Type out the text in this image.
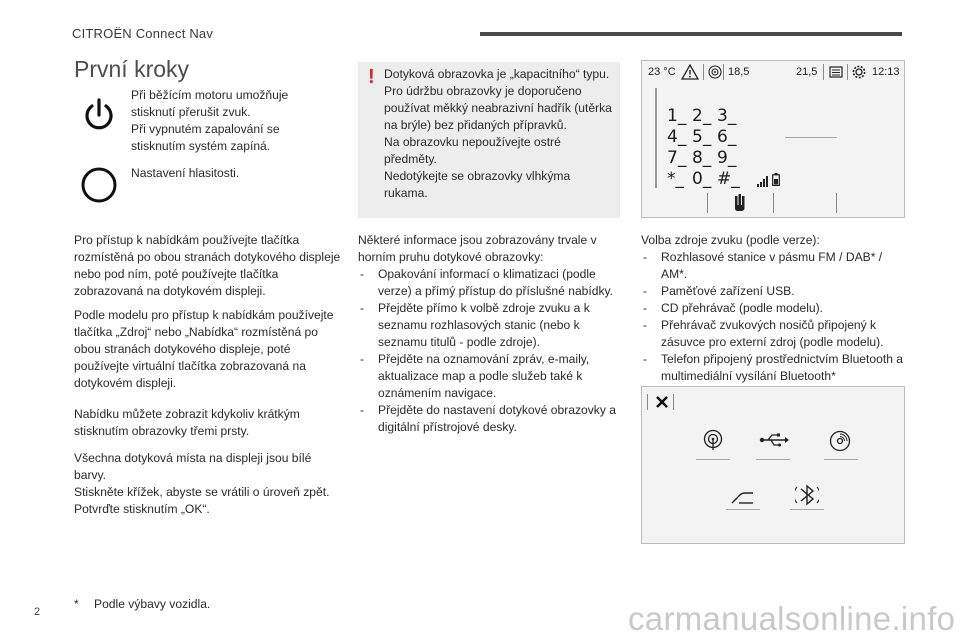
CITROËN Connect Nav
První kroky
Při běžícím motoru umožňuje stisknutí přerušit zvuk.
Při vypnutém zapalování se stisknutím systém zapíná.
Nastavení hlasitosti.
Pro přístup k nabídkám používejte tlačítka rozmístěná po obou stranách dotykového displeje nebo pod ním, poté používejte tlačítka zobrazovaná na dotykovém displeji.
Podle modelu pro přístup k nabídkám používejte tlačítka „Zdroj“ nebo „Nabídka“ rozmístěná po obou stranách dotykového displeje, poté používejte virtuální tlačítka zobrazovaná na dotykovém displeji.
Nabídku můžete zobrazit kdykoliv krátkým stisknutím obrazovky třemi prsty.
Všechna dotyková místa na displeji jsou bílé barvy.
Stiskněte křížek, abyste se vrátili o úroveň zpět.
Potvrďte stisknutím „OK“.
* Podle výbavy vozidla.
! Dotyková obrazovka je „kapacitního“ typu.
Pro údržbu obrazovky je doporučeno používat měkký neabrazivní hadřík (utěrka na brýle) bez přidaných přípravků.
Na obrazovku nepoužívejte ostré předměty.
Nedotýkejte se obrazovky vlhkýma rukama.
Některé informace jsou zobrazovány trvale v horním pruhu dotykové obrazovky:
- Opakování informací o klimatizaci (podle verze) a přímý přístup do příslušné nabídky.
- Přejděte přímo k volbě zdroje zvuku a k seznamu rozhlasových stanic (nebo k seznamu titulů - podle zdroje).
- Přejděte na oznamování zpráv, e-maily, aktualizace map a podle služeb také k oznámením navigace.
- Přejděte do nastavení dotykové obrazovky a digitální přístrojové desky.
23 °C	18,5	21,5	12:13
1_ 2_ 3_
4_ 5_ 6_
7_ 8_ 9_
*_ 0_ #_
Volba zdroje zvuku (podle verze):
- Rozhlasové stanice v pásmu FM / DAB* / AM*.
- Paměťové zařízení USB.
- CD přehrávač (podle modelu).
- Přehrávač zvukových nosičů připojený k zásuvce pro externí zdroj (podle modelu).
- Telefon připojený prostřednictvím Bluetooth a multimediální vysílání Bluetooth*
2	carmanualsonline.info
